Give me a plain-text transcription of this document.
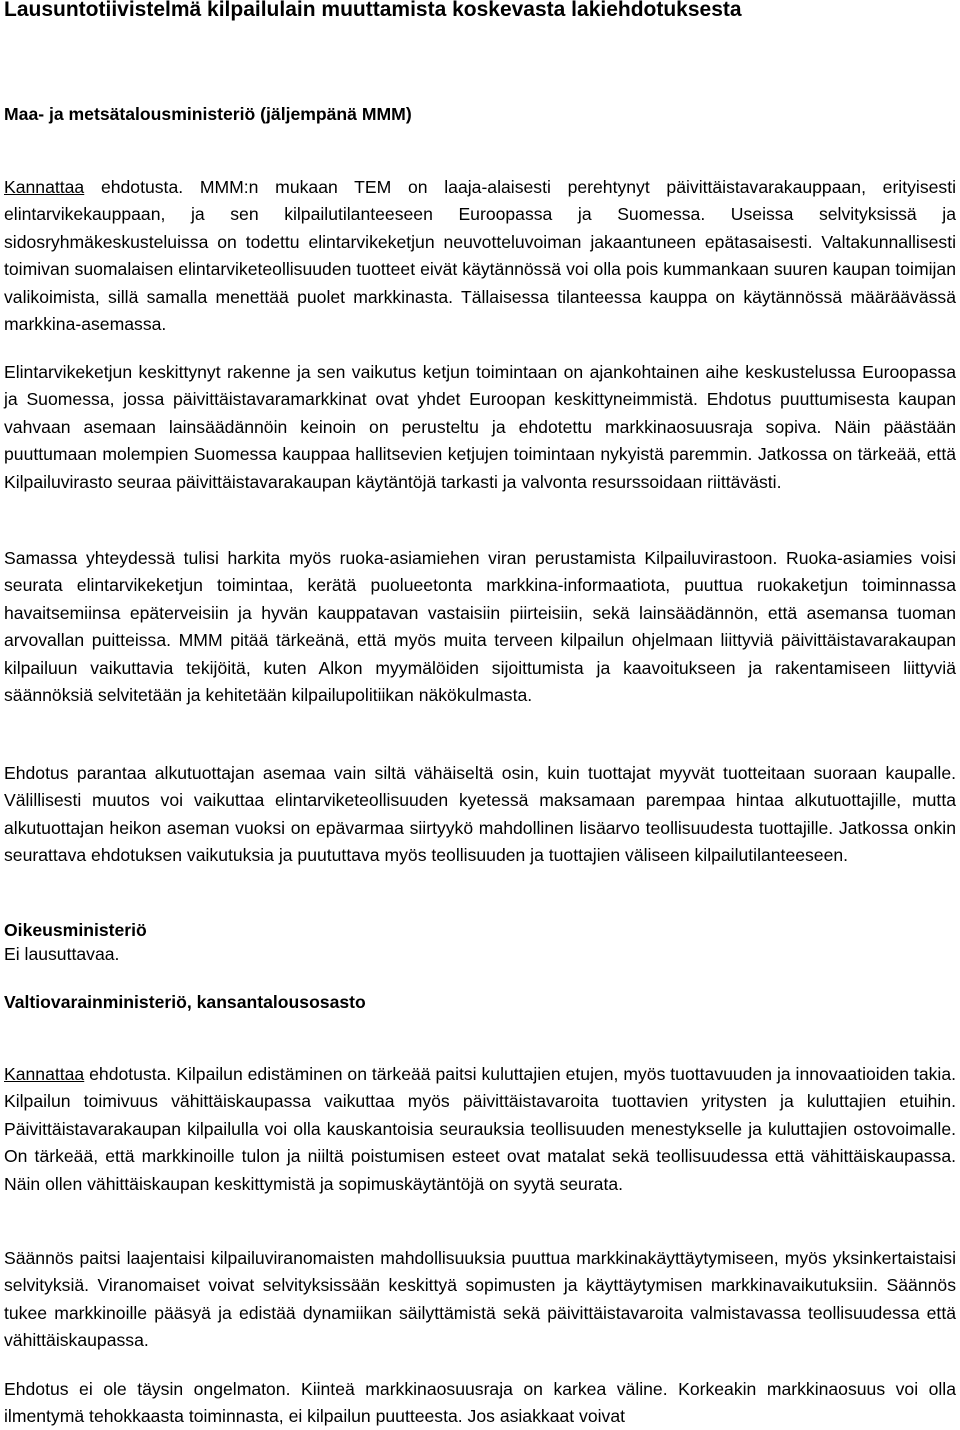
Lausuntotiivistelmä kilpailulain muuttamista koskevasta lakiehdotuksesta
Maa- ja metsätalousministeriö (jäljempänä MMM)

Kannattaa ehdotusta. MMM:n mukaan TEM on laaja-alaisesti perehtynyt päivittäistavarakauppaan, erityisesti elintarvikekauppaan, ja sen kilpailutilanteeseen Euroopassa ja Suomessa. Useissa selvityksissä ja sidosryhmäkeskusteluissa on todettu elintarvikeketjun neuvotteluvoiman jakaantuneen epätasaisesti. Valtakunnallisesti toimivan suomalaisen elintarviketeollisuuden tuotteet eivät käytännössä voi olla pois kummankaan suuren kaupan toimijan valikoimista, sillä samalla menettää puolet markkinasta. Tällaisessa tilanteessa kauppa on käytännössä määräävässä markkina-asemassa.

Elintarvikeketjun keskittynyt rakenne ja sen vaikutus ketjun toimintaan on ajankohtainen aihe keskustelussa Euroopassa ja Suomessa, jossa päivittäistavaramarkkinat ovat yhdet Euroopan keskittyneimmistä. Ehdotus puuttumisesta kaupan vahvaan asemaan lainsäädännöin keinoin on perusteltu ja ehdotettu markkinaosuusraja sopiva. Näin päästään puuttumaan molempien Suomessa kauppaa hallitsevien ketjujen toimintaan nykyistä paremmin. Jatkossa on tärkeää, että Kilpailuvirasto seuraa päivittäistavarakaupan käytäntöjä tarkasti ja valvonta resurssoidaan riittävästi.

Samassa yhteydessä tulisi harkita myös ruoka-asiamiehen viran perustamista Kilpailuvirastoon. Ruoka-asiamies voisi seurata elintarvikeketjun toimintaa, kerätä puolueetonta markkina-informaatiota, puuttua ruokaketjun toiminnassa havaitsemiinsa epäterveisiin ja hyvän kauppatavan vastaisiin piirteisiin, sekä lainsäädännön, että asemansa tuoman arvovallan puitteissa. MMM pitää tärkeänä, että myös muita terveen kilpailun ohjelmaan liittyviä päivittäistavarakaupan kilpailuun vaikuttavia tekijöitä, kuten Alkon myymälöiden sijoittumista ja kaavoitukseen ja rakentamiseen liittyviä säännöksiä selvitetään ja kehitetään kilpailupolitiikan näkökulmasta.

Ehdotus parantaa alkutuottajan asemaa vain siltä vähäiseltä osin, kuin tuottajat myyvät tuotteitaan suoraan kaupalle. Välillisesti muutos voi vaikuttaa elintarviketeollisuuden kyetessä maksamaan parempaa hintaa alkutuottajille, mutta alkutuottajan heikon aseman vuoksi on epävarmaa siirtyykö mahdollinen lisäarvo teollisuudesta tuottajille. Jatkossa onkin seurattava ehdotuksen vaikutuksia ja puututtava myös teollisuuden ja tuottajien väliseen kilpailutilanteeseen.

Oikeusministeriö

Ei lausuttavaa.

Valtiovarainministeriö, kansantalousosasto

Kannattaa ehdotusta. Kilpailun edistäminen on tärkeää paitsi kuluttajien etujen, myös tuottavuuden ja innovaatioiden takia. Kilpailun toimivuus vähittäiskaupassa vaikuttaa myös päivittäistavaroita tuottavien yritysten ja kuluttajien etuihin. Päivittäistavarakaupan kilpailulla voi olla kauskantoisia seurauksia teollisuuden menestykselle ja kuluttajien ostovoimalle. On tärkeää, että markkinoille tulon ja niiltä poistumisen esteet ovat matalat sekä teollisuudessa että vähittäiskaupassa. Näin ollen vähittäiskaupan keskittymistä ja sopimuskäytäntöjä on syytä seurata.

Säännös paitsi laajentaisi kilpailuviranomaisten mahdollisuuksia puuttua markkinakäyttäytymiseen, myös yksinkertaistaisi selvityksiä. Viranomaiset voivat selvityksissään keskittyä sopimusten ja käyttäytymisen markkinavaikutuksiin. Säännös tukee markkinoille pääsyä ja edistää dynamiikan säilyttämistä sekä päivittäistavaroita valmistavassa teollisuudessa että vähittäiskaupassa.

Ehdotus ei ole täysin ongelmaton. Kiinteä markkinaosuusraja on karkea väline. Korkeakin markkinaosuus voi olla ilmentymä tehokkaasta toiminnasta, ei kilpailun puutteesta. Jos asiakkaat voivat
